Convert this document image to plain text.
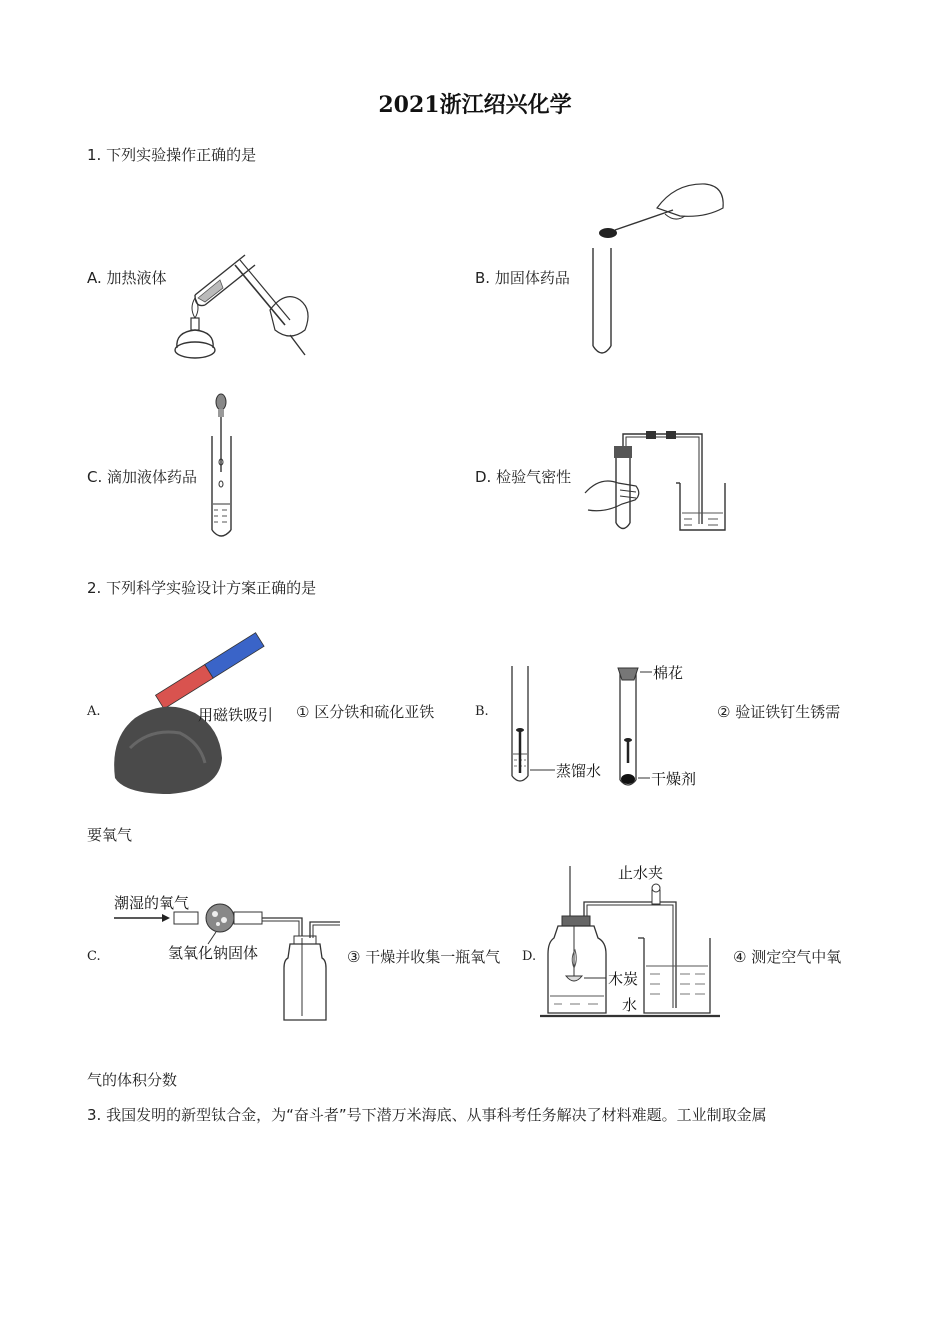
2021浙江绍兴化学
1. 下列实验操作正确的是
A. 加热液体	B. 加固体药品
C. 滴加液体药品	D. 检验气密性
2. 下列科学实验设计方案正确的是
A.	用磁铁吸引 ① 区分铁和硫化亚铁	B.
蒸馏水
棉花
干燥剂
② 验证铁钉生锈需
要氧气
C.
潮湿的氧气
氢氧化钠固体	③ 干燥并收集一瓶氧气 D.
止水夹
木炭
水
④ 测定空气中氧
气的体积分数
3. 我国发明的新型钛合金，为“奋斗者”号下潜万米海底、从事科考任务解决了材料难题。工业制取金属
